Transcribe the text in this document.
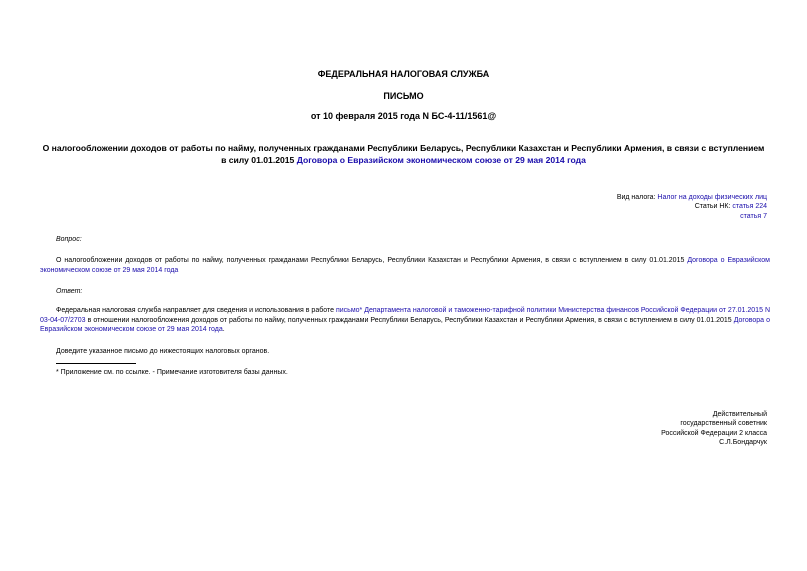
ФЕДЕРАЛЬНАЯ НАЛОГОВАЯ СЛУЖБА
ПИСЬМО
от 10 февраля 2015 года N БС-4-11/1561@
О налогообложении доходов от работы по найму, полученных гражданами Республики Беларусь, Республики Казахстан и Республики Армения, в связи с вступлением в силу 01.01.2015 Договора о Евразийском экономическом союзе от 29 мая 2014 года
Вид налога: Налог на доходы физических лиц
Статьи НК: статья 224
статья 7
Вопрос:
О налогообложении доходов от работы по найму, полученных гражданами Республики Беларусь, Республики Казахстан и Республики Армения, в связи с вступлением в силу 01.01.2015 Договора о Евразийском экономическом союзе от 29 мая 2014 года
Ответ:
Федеральная налоговая служба направляет для сведения и использования в работе письмо* Департамента налоговой и таможенно-тарифной политики Министерства финансов Российской Федерации от 27.01.2015 N 03-04-07/2703 в отношении налогообложения доходов от работы по найму, полученных гражданами Республики Беларусь, Республики Казахстан и Республики Армения, в связи с вступлением в силу 01.01.2015 Договора о Евразийском экономическом союзе от 29 мая 2014 года.
Доведите указанное письмо до нижестоящих налоговых органов.
* Приложение см. по ссылке. - Примечание изготовителя базы данных.
Действительный
государственный советник
Российской Федерации 2 класса
С.Л.Бондарчук
